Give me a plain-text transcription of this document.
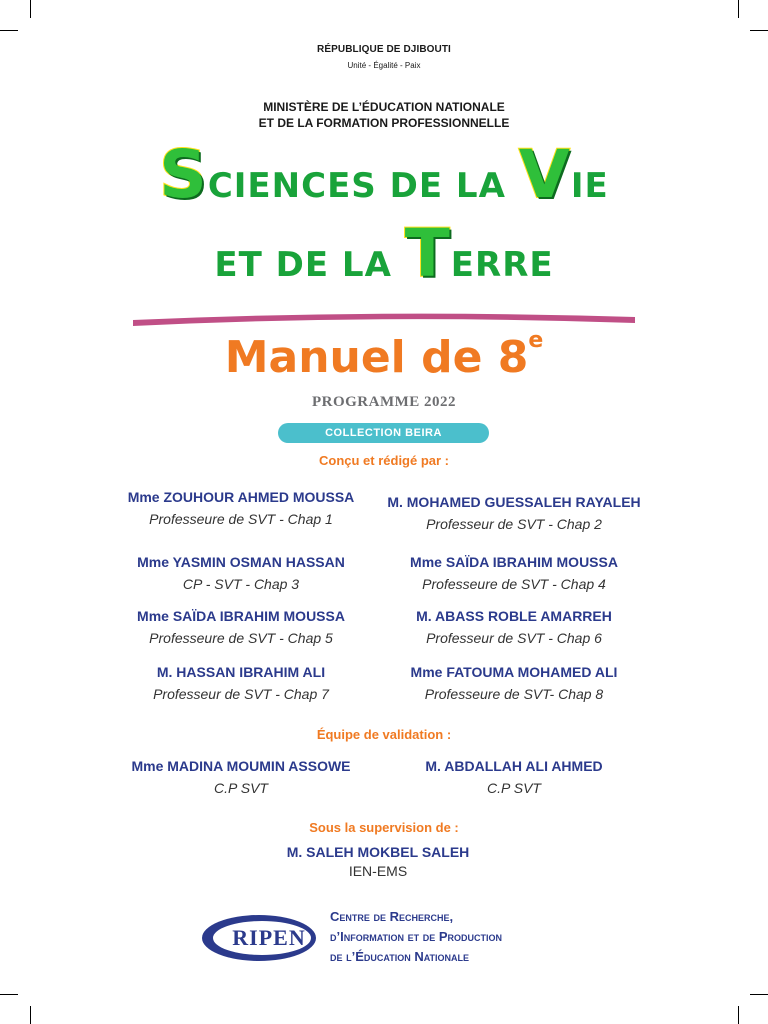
RÉPUBLIQUE DE DJIBOUTI
Unité - Égalité - Paix
MINISTÈRE DE L’ÉDUCATION NATIONALE
ET DE LA FORMATION PROFESSIONNELLE
SCIENCES DE LA VIE
ET DE LA TERRE
Manuel de 8e
PROGRAMME 2022
COLLECTION BEIRA
Conçu et rédigé par :
Mme ZOUHOUR AHMED MOUSSA
Professeure de SVT - Chap 1
M. MOHAMED GUESSALEH RAYALEH
Professeur de SVT - Chap 2
Mme YASMIN OSMAN HASSAN
CP - SVT - Chap 3
Mme SAÏDA IBRAHIM MOUSSA
Professeure de SVT - Chap 4
Mme SAÏDA IBRAHIM MOUSSA
Professeure de SVT - Chap 5
M. ABASS ROBLE AMARREH
Professeur de SVT - Chap 6
M. HASSAN IBRAHIM ALI
Professeur de SVT - Chap 7
Mme FATOUMA MOHAMED ALI
Professeure de SVT- Chap 8
Équipe de validation :
Mme MADINA MOUMIN ASSOWE
C.P SVT
M. ABDALLAH ALI AHMED
C.P SVT
Sous la supervision de :
M. SALEH MOKBEL SALEH
IEN-EMS
RIPEN
Centre de Recherche,
d’Information et de Production
de l’Éducation Nationale
